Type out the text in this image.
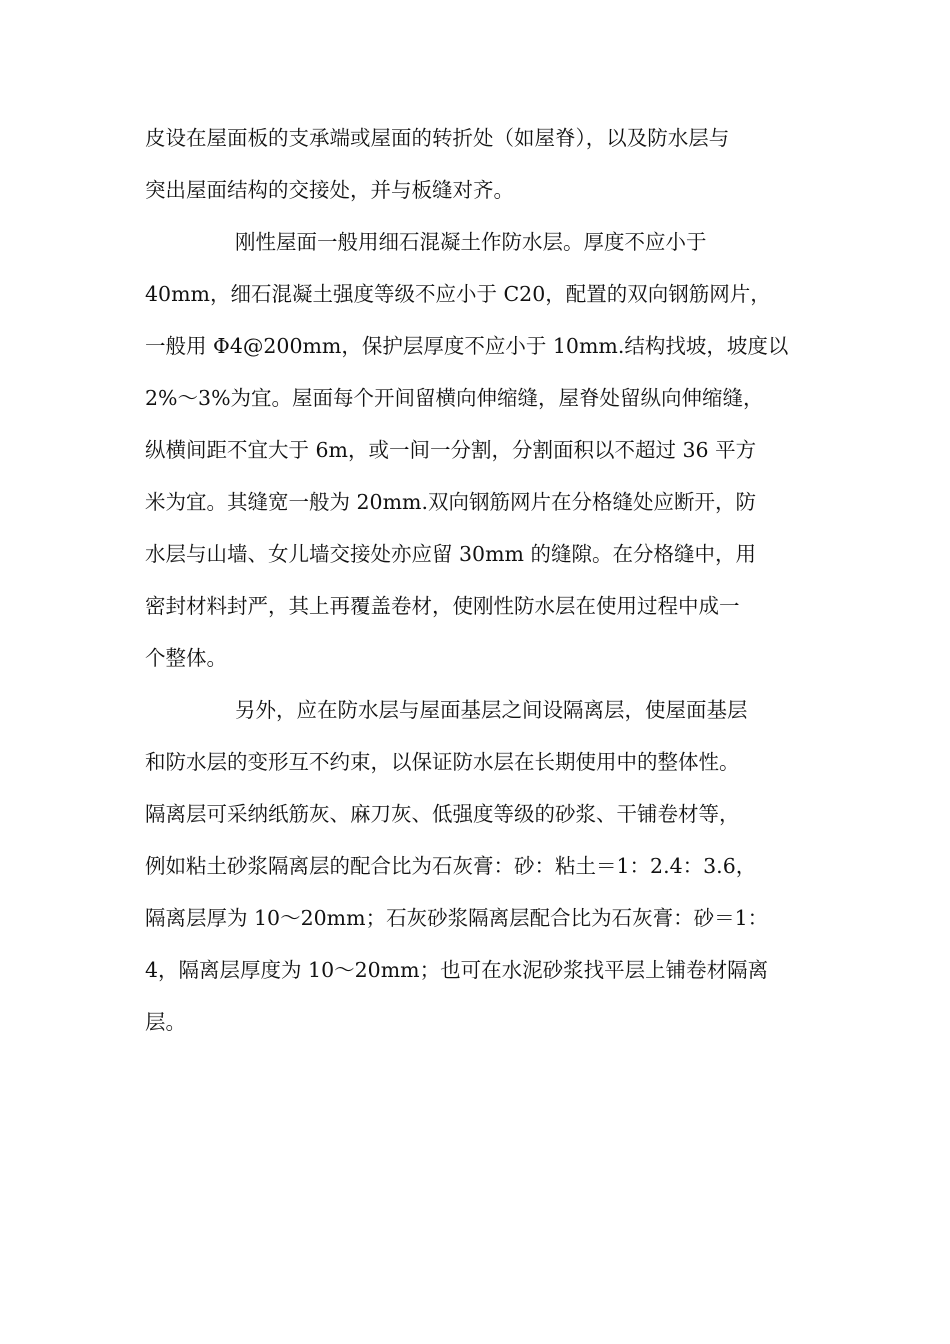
皮设在屋面板的支承端或屋面的转折处（如屋脊），以及防水层与
突出屋面结构的交接处，并与板缝对齐。
刚性屋面一般用细石混凝土作防水层。厚度不应小于
40mm，细石混凝土强度等级不应小于 C20，配置的双向钢筋网片，
一般用 Φ4@200mm，保护层厚度不应小于 10mm.结构找坡，坡度以
2%～3%为宜。屋面每个开间留横向伸缩缝，屋脊处留纵向伸缩缝，
纵横间距不宜大于 6m，或一间一分割，分割面积以不超过 36 平方
米为宜。其缝宽一般为 20mm.双向钢筋网片在分格缝处应断开，防
水层与山墙、女儿墙交接处亦应留 30mm 的缝隙。在分格缝中，用
密封材料封严，其上再覆盖卷材，使刚性防水层在使用过程中成一
个整体。
另外，应在防水层与屋面基层之间设隔离层，使屋面基层
和防水层的变形互不约束，以保证防水层在长期使用中的整体性。
隔离层可采纳纸筋灰、麻刀灰、低强度等级的砂浆、干铺卷材等，
例如粘土砂浆隔离层的配合比为石灰膏：砂：粘土＝1：2.4：3.6，
隔离层厚为 10～20mm；石灰砂浆隔离层配合比为石灰膏：砂＝1：
4，隔离层厚度为 10～20mm；也可在水泥砂浆找平层上铺卷材隔离
层。
